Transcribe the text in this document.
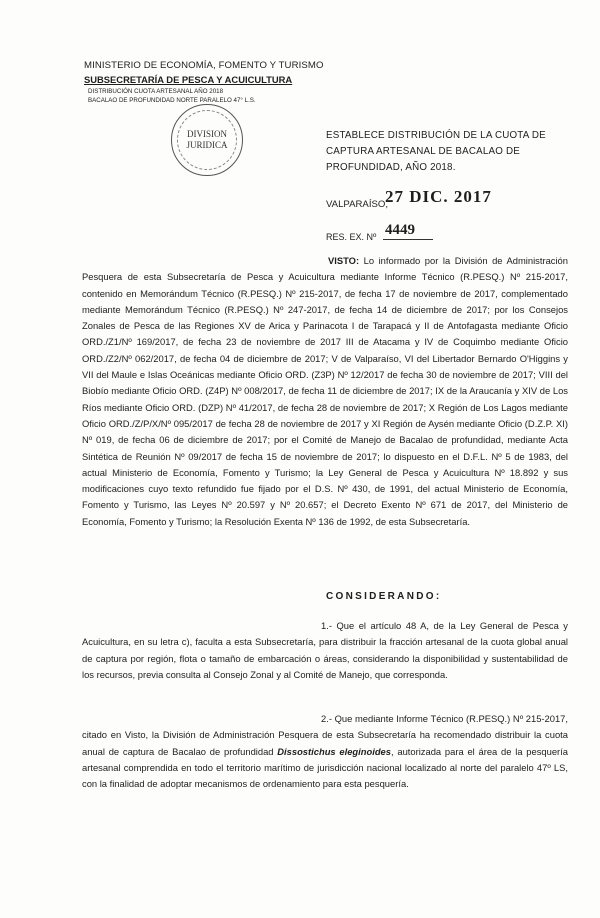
MINISTERIO DE ECONOMÍA, FOMENTO Y TURISMO
SUBSECRETARÍA DE PESCA Y ACUICULTURA
DISTRIBUCIÓN CUOTA ARTESANAL AÑO 2018
BACALAO DE PROFUNDIDAD NORTE PARALELO 47° L.S.
DIVISION
JURIDICA
ESTABLECE DISTRIBUCIÓN DE LA CUOTA DE CAPTURA ARTESANAL DE BACALAO DE PROFUNDIDAD, AÑO 2018.
VALPARAÍSO,
27 DIC. 2017
RES. EX. Nº 4449

VISTO: Lo informado por la División de Administración Pesquera de esta Subsecretaría de Pesca y Acuicultura mediante Informe Técnico (R.PESQ.) Nº 215-2017, contenido en Memorándum Técnico (R.PESQ.) Nº 215-2017, de fecha 17 de noviembre de 2017, complementado mediante Memorándum Técnico (R.PESQ.) Nº 247-2017, de fecha 14 de diciembre de 2017; por los Consejos Zonales de Pesca de las Regiones XV de Arica y Parinacota I de Tarapacá y II de Antofagasta mediante Oficio ORD./Z1/Nº 169/2017, de fecha 23 de noviembre de 2017 III de Atacama y IV de Coquimbo mediante Oficio ORD./Z2/Nº 062/2017, de fecha 04 de diciembre de 2017; V de Valparaíso, VI del Libertador Bernardo O'Higgins y VII del Maule e Islas Oceánicas mediante Oficio ORD. (Z3P) Nº 12/2017 de fecha 30 de noviembre de 2017; VIII del Biobío mediante Oficio ORD. (Z4P) Nº 008/2017, de fecha 11 de diciembre de 2017; IX de la Araucanía y XIV de Los Ríos mediante Oficio ORD. (DZP) Nº 41/2017, de fecha 28 de noviembre de 2017; X Región de Los Lagos mediante Oficio ORD./Z/P/X/Nº 095/2017 de fecha 28 de noviembre de 2017 y XI Región de Aysén mediante Oficio (D.Z.P. XI) Nº 019, de fecha 06 de diciembre de 2017; por el Comité de Manejo de Bacalao de profundidad, mediante Acta Sintética de Reunión Nº 09/2017 de fecha 15 de noviembre de 2017; lo dispuesto en el D.F.L. Nº 5 de 1983, del actual Ministerio de Economía, Fomento y Turismo; la Ley General de Pesca y Acuicultura Nº 18.892 y sus modificaciones cuyo texto refundido fue fijado por el D.S. Nº 430, de 1991, del actual Ministerio de Economía, Fomento y Turismo, las Leyes Nº 20.597 y Nº 20.657; el Decreto Exento Nº 671 de 2017, del Ministerio de Economía, Fomento y Turismo; la Resolución Exenta Nº 136 de 1992, de esta Subsecretaría.

CONSIDERANDO:

1.- Que el artículo 48 A, de la Ley General de Pesca y Acuicultura, en su letra c), faculta a esta Subsecretaría, para distribuir la fracción artesanal de la cuota global anual de captura por región, flota o tamaño de embarcación o áreas, considerando la disponibilidad y sustentabilidad de los recursos, previa consulta al Consejo Zonal y al Comité de Manejo, que corresponda.

2.- Que mediante Informe Técnico (R.PESQ.) Nº 215-2017, citado en Visto, la División de Administración Pesquera de esta Subsecretaría ha recomendado distribuir la cuota anual de captura de Bacalao de profundidad Dissostichus eleginoides, autorizada para el área de la pesquería artesanal comprendida en todo el territorio marítimo de jurisdicción nacional localizado al norte del paralelo 47º LS, con la finalidad de adoptar mecanismos de ordenamiento para esta pesquería.
